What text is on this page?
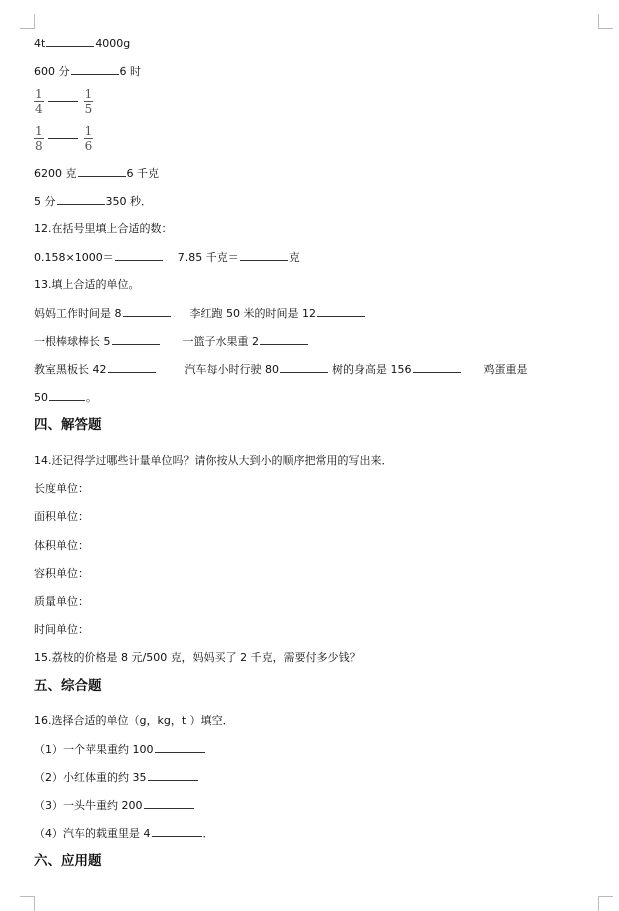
4t	4000g
600 分	6 时
$\frac{1}{4}$	$\frac{1}{5}$
$\frac{1}{8}$	$\frac{1}{6}$
6200 克	6 千克
5 分	350 秒．
12.在括号里填上合适的数：
0.158×1000＝	7.85 千克＝	克
13.填上合适的单位。
妈妈工作时间是 8	李红跑 50 米的时间是 12
一根棒球棒长 5	一篮子水果重 2
教室黑板长 42	汽车每小时行驶 80	树的身高是 156	鸡蛋重是
50	。
四、解答题
14.还记得学过哪些计量单位吗？请你按从大到小的顺序把常用的写出来．
长度单位：
面积单位：
体积单位：
容积单位：
质量单位：
时间单位：
15.荔枝的价格是 8 元/500 克，妈妈买了 2 千克，需要付多少钱？
五、综合题
16.选择合适的单位（g，kg，t ）填空．
（1）一个苹果重约 100
（2）小红体重的约 35
（3）一头牛重约 200
（4）汽车的载重里是 4	．
六、应用题
